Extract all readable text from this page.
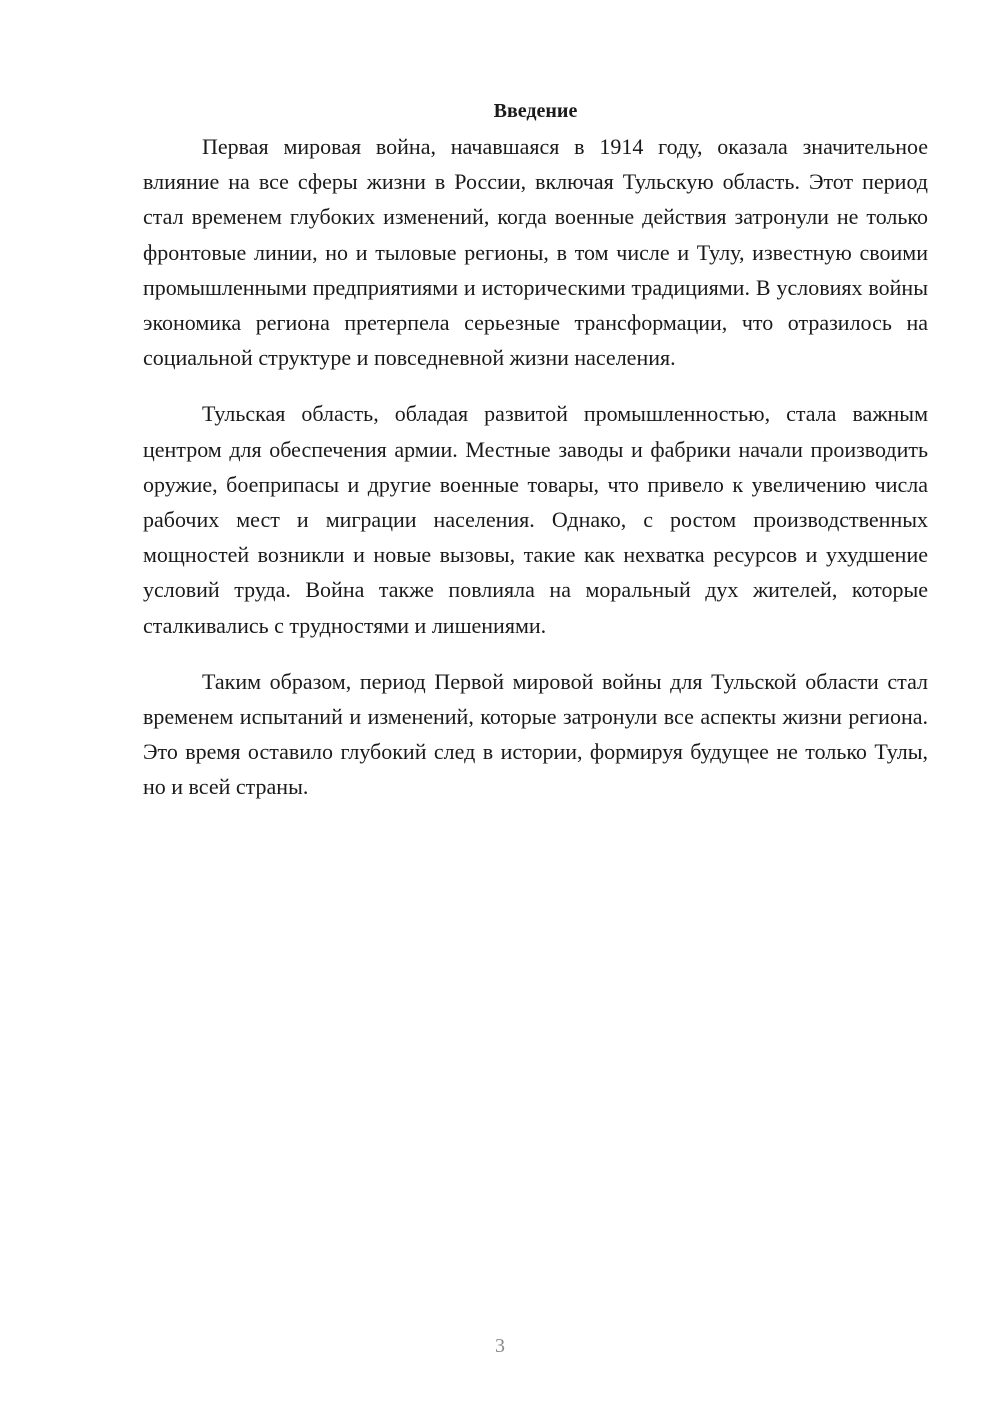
Введение

Первая мировая война, начавшаяся в 1914 году, оказала значительное влияние на все сферы жизни в России, включая Тульскую область. Этот период стал временем глубоких изменений, когда военные действия затронули не только фронтовые линии, но и тыловые регионы, в том числе и Тулу, известную своими промышленными предприятиями и историческими традициями. В условиях войны экономика региона претерпела серьезные трансформации, что отразилось на социальной структуре и повседневной жизни населения.

Тульская область, обладая развитой промышленностью, стала важным центром для обеспечения армии. Местные заводы и фабрики начали производить оружие, боеприпасы и другие военные товары, что привело к увеличению числа рабочих мест и миграции населения. Однако, с ростом производственных мощностей возникли и новые вызовы, такие как нехватка ресурсов и ухудшение условий труда. Война также повлияла на моральный дух жителей, которые сталкивались с трудностями и лишениями.

Таким образом, период Первой мировой войны для Тульской области стал временем испытаний и изменений, которые затронули все аспекты жизни региона. Это время оставило глубокий след в истории, формируя будущее не только Тулы, но и всей страны.

3
